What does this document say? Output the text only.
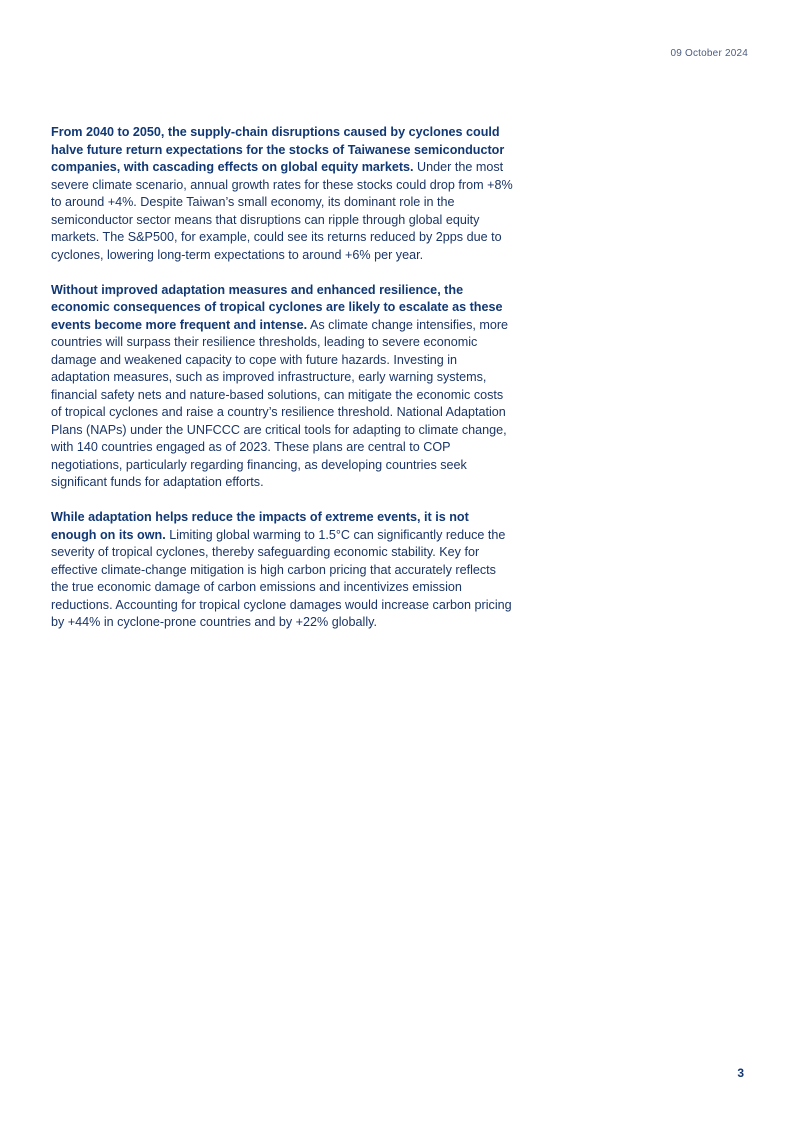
09 October 2024

From 2040 to 2050, the supply-chain disruptions caused by cyclones could halve future return expectations for the stocks of Taiwanese semiconductor companies, with cascading effects on global equity markets. Under the most severe climate scenario, annual growth rates for these stocks could drop from +8% to around +4%. Despite Taiwan’s small economy, its dominant role in the semiconductor sector means that disruptions can ripple through global equity markets. The S&P500, for example, could see its returns reduced by 2pps due to cyclones, lowering long-term expectations to around +6% per year.

Without improved adaptation measures and enhanced resilience, the economic consequences of tropical cyclones are likely to escalate as these events become more frequent and intense. As climate change intensifies, more countries will surpass their resilience thresholds, leading to severe economic damage and weakened capacity to cope with future hazards. Investing in adaptation measures, such as improved infrastructure, early warning systems, financial safety nets and nature-based solutions, can mitigate the economic costs of tropical cyclones and raise a country’s resilience threshold. National Adaptation Plans (NAPs) under the UNFCCC are critical tools for adapting to climate change, with 140 countries engaged as of 2023. These plans are central to COP negotiations, particularly regarding financing, as developing countries seek significant funds for adaptation efforts.

While adaptation helps reduce the impacts of extreme events, it is not enough on its own. Limiting global warming to 1.5°C can significantly reduce the severity of tropical cyclones, thereby safeguarding economic stability. Key for effective climate-change mitigation is high carbon pricing that accurately reflects the true economic damage of carbon emissions and incentivizes emission reductions. Accounting for tropical cyclone damages would increase carbon pricing by +44% in cyclone-prone countries and by +22% globally.

3
